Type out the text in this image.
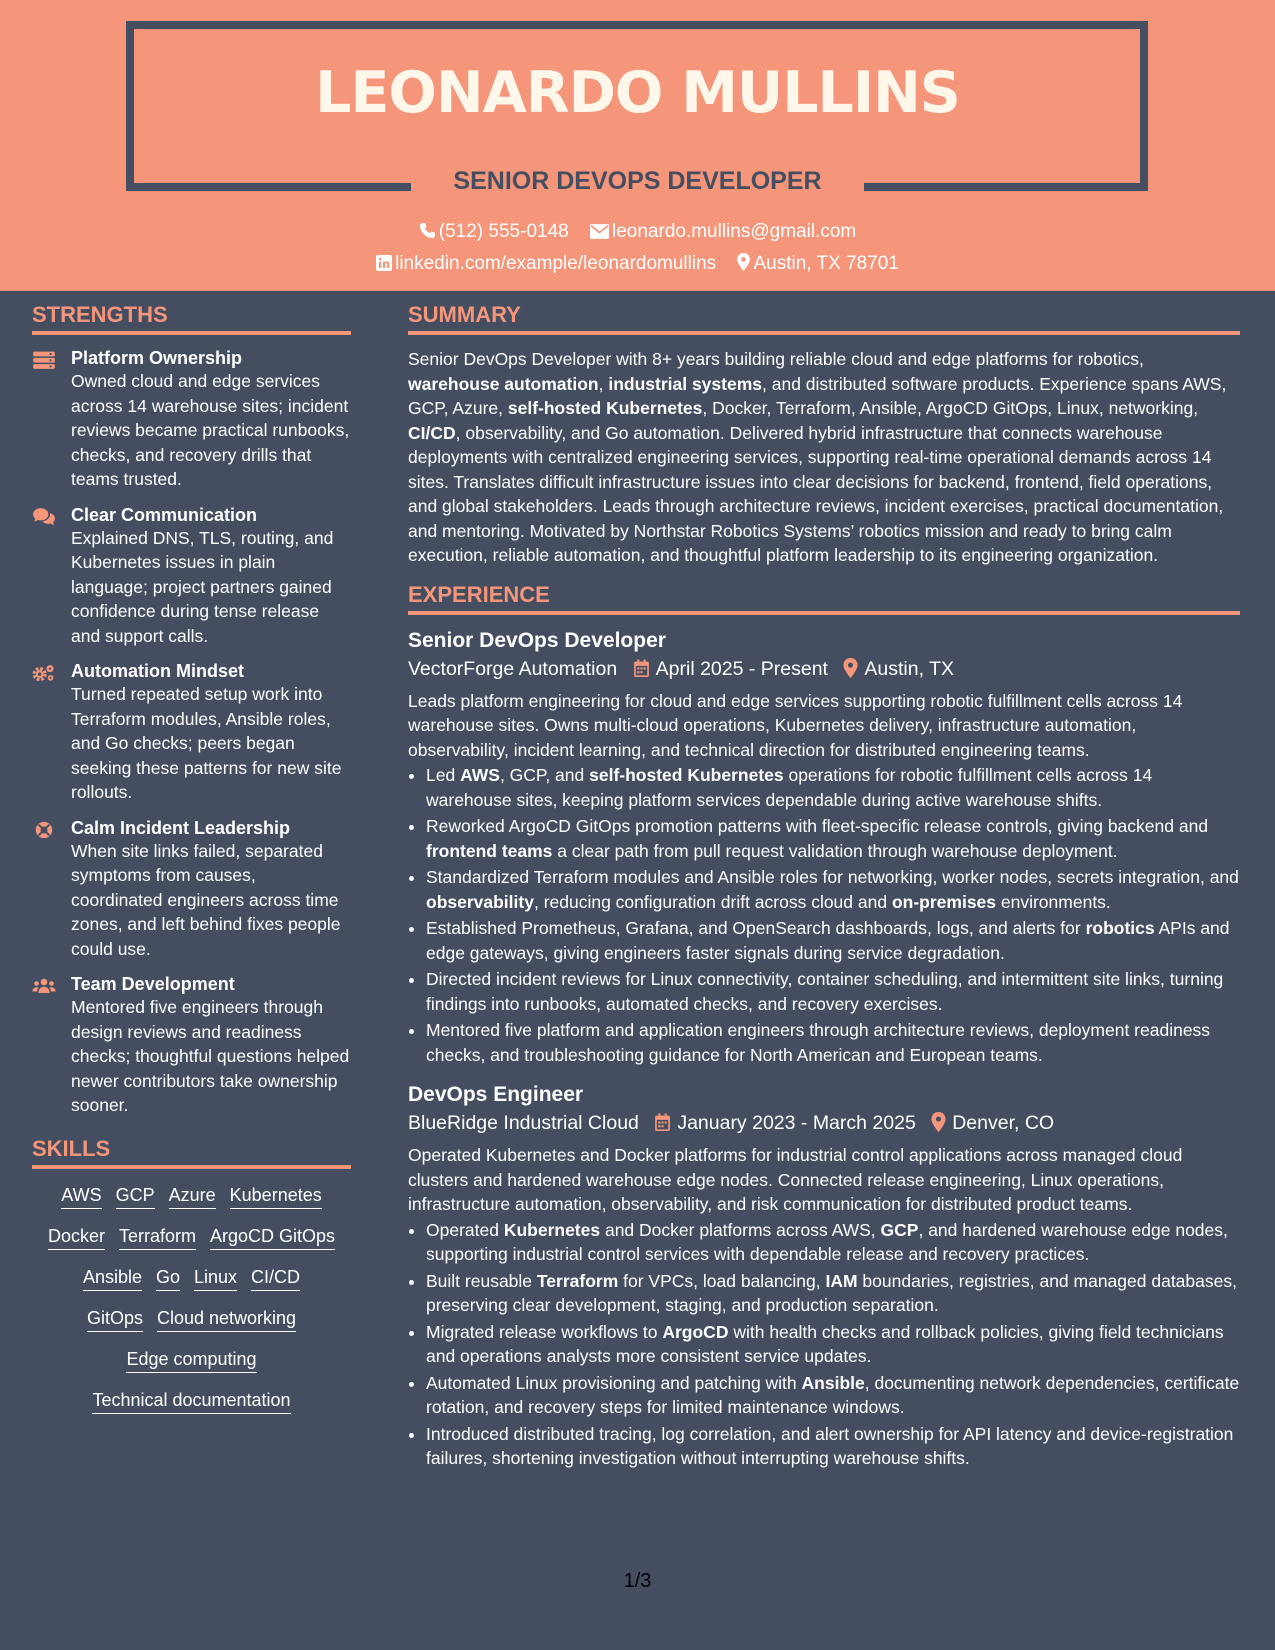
LEONARDO MULLINS
SENIOR DEVOPS DEVELOPER
(512) 555-0148 leonardo.mullins@gmail.com
linkedin.com/example/leonardomullins Austin, TX 78701
STRENGTHS
Platform Ownership
Owned cloud and edge services across 14 warehouse sites; incident reviews became practical runbooks, checks, and recovery drills that teams trusted.
Clear Communication
Explained DNS, TLS, routing, and Kubernetes issues in plain language; project partners gained confidence during tense release and support calls.
Automation Mindset
Turned repeated setup work into Terraform modules, Ansible roles, and Go checks; peers began seeking these patterns for new site rollouts.
Calm Incident Leadership
When site links failed, separated symptoms from causes, coordinated engineers across time zones, and left behind fixes people could use.
Team Development
Mentored five engineers through design reviews and readiness checks; thoughtful questions helped newer contributors take ownership sooner.
SKILLS
AWS GCP Azure Kubernetes
Docker Terraform ArgoCD GitOps
Ansible Go Linux CI/CD
GitOps Cloud networking
Edge computing
Technical documentation
SUMMARY
Senior DevOps Developer with 8+ years building reliable cloud and edge platforms for robotics, warehouse automation, industrial systems, and distributed software products. Experience spans AWS, GCP, Azure, self-hosted Kubernetes, Docker, Terraform, Ansible, ArgoCD GitOps, Linux, networking, CI/CD, observability, and Go automation. Delivered hybrid infrastructure that connects warehouse deployments with centralized engineering services, supporting real-time operational demands across 14 sites. Translates difficult infrastructure issues into clear decisions for backend, frontend, field operations, and global stakeholders. Leads through architecture reviews, incident exercises, practical documentation, and mentoring. Motivated by Northstar Robotics Systems’ robotics mission and ready to bring calm execution, reliable automation, and thoughtful platform leadership to its engineering organization.
EXPERIENCE
Senior DevOps Developer
VectorForge Automation April 2025 - Present Austin, TX
Leads platform engineering for cloud and edge services supporting robotic fulfillment cells across 14 warehouse sites. Owns multi-cloud operations, Kubernetes delivery, infrastructure automation, observability, incident learning, and technical direction for distributed engineering teams.
• Led AWS, GCP, and self-hosted Kubernetes operations for robotic fulfillment cells across 14 warehouse sites, keeping platform services dependable during active warehouse shifts.
• Reworked ArgoCD GitOps promotion patterns with fleet-specific release controls, giving backend and frontend teams a clear path from pull request validation through warehouse deployment.
• Standardized Terraform modules and Ansible roles for networking, worker nodes, secrets integration, and observability, reducing configuration drift across cloud and on-premises environments.
• Established Prometheus, Grafana, and OpenSearch dashboards, logs, and alerts for robotics APIs and edge gateways, giving engineers faster signals during service degradation.
• Directed incident reviews for Linux connectivity, container scheduling, and intermittent site links, turning findings into runbooks, automated checks, and recovery exercises.
• Mentored five platform and application engineers through architecture reviews, deployment readiness checks, and troubleshooting guidance for North American and European teams.
DevOps Engineer
BlueRidge Industrial Cloud January 2023 - March 2025 Denver, CO
Operated Kubernetes and Docker platforms for industrial control applications across managed cloud clusters and hardened warehouse edge nodes. Connected release engineering, Linux operations, infrastructure automation, observability, and risk communication for distributed product teams.
• Operated Kubernetes and Docker platforms across AWS, GCP, and hardened warehouse edge nodes, supporting industrial control services with dependable release and recovery practices.
• Built reusable Terraform for VPCs, load balancing, IAM boundaries, registries, and managed databases, preserving clear development, staging, and production separation.
• Migrated release workflows to ArgoCD with health checks and rollback policies, giving field technicians and operations analysts more consistent service updates.
• Automated Linux provisioning and patching with Ansible, documenting network dependencies, certificate rotation, and recovery steps for limited maintenance windows.
• Introduced distributed tracing, log correlation, and alert ownership for API latency and device-registration failures, shortening investigation without interrupting warehouse shifts.
1/3
